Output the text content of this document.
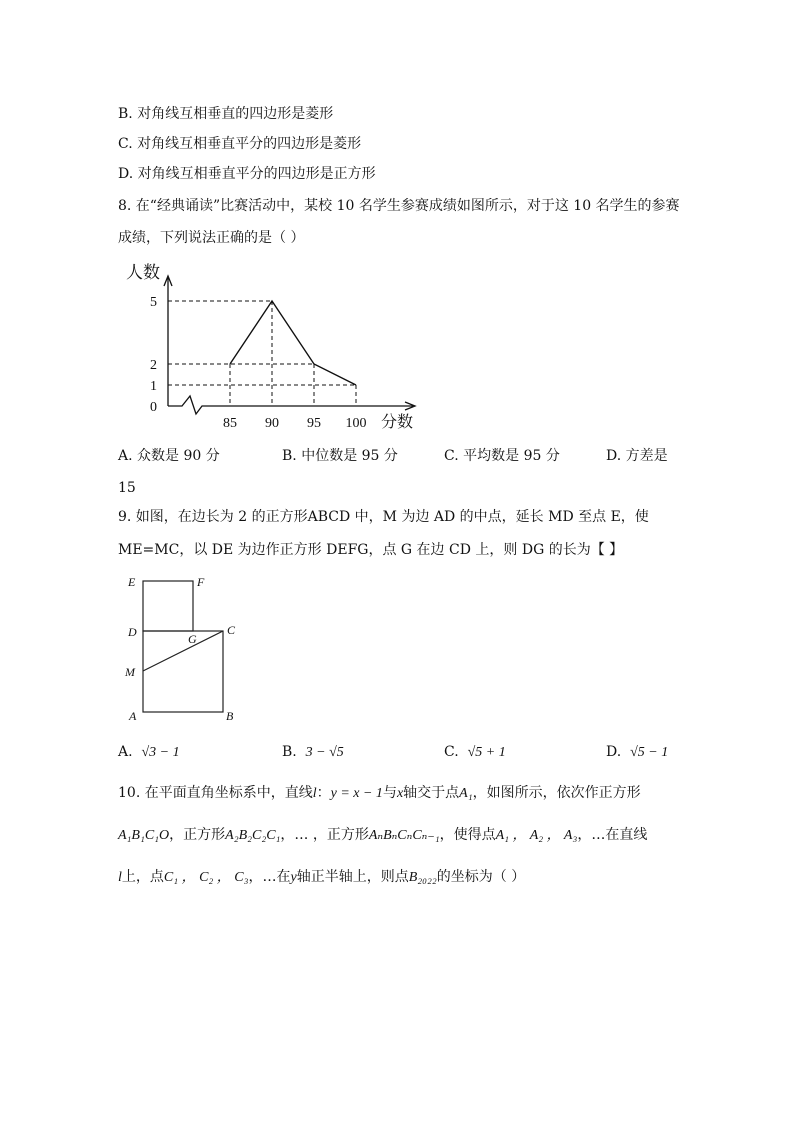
B. 对角线互相垂直的四边形是菱形
C. 对角线互相垂直平分的四边形是菱形
D. 对角线互相垂直平分的四边形是正方形
8. 在“经典诵读”比赛活动中，某校 10 名学生参赛成绩如图所示，对于这 10 名学生的参赛
成绩，下列说法正确的是（ ）
人数
分数
0
1
2
5
85 90 95 100
A. 众数是 90 分	B. 中位数是 95 分	C. 平均数是 95 分	D. 方差是
15
9. 如图，在边长为 2 的正方形ABCD 中，M 为边 AD 的中点，延长 MD 至点 E，使
ME=MC，以 DE 为边作正方形 DEFG，点 G 在边 CD 上，则 DG 的长为【 】
E	F
D	G
C
M
A	B
A. √3 − 1	B. 3 − √5	C. √5 + 1	D. √5 − 1
10. 在平面直角坐标系中，直线l：y = x − 1与x轴交于点A₁，如图所示，依次作正方形
A₁B₁C₁O，正方形A₂B₂C₂C₁，… ，正方形AₙBₙCₙCₙ₋₁，使得点A₁ ， A₂ ， A₃，…在直线
l上，点C₁ ， C₂ ， C₃，…在y轴正半轴上，则点B₂₀₂₂的坐标为（ ）
